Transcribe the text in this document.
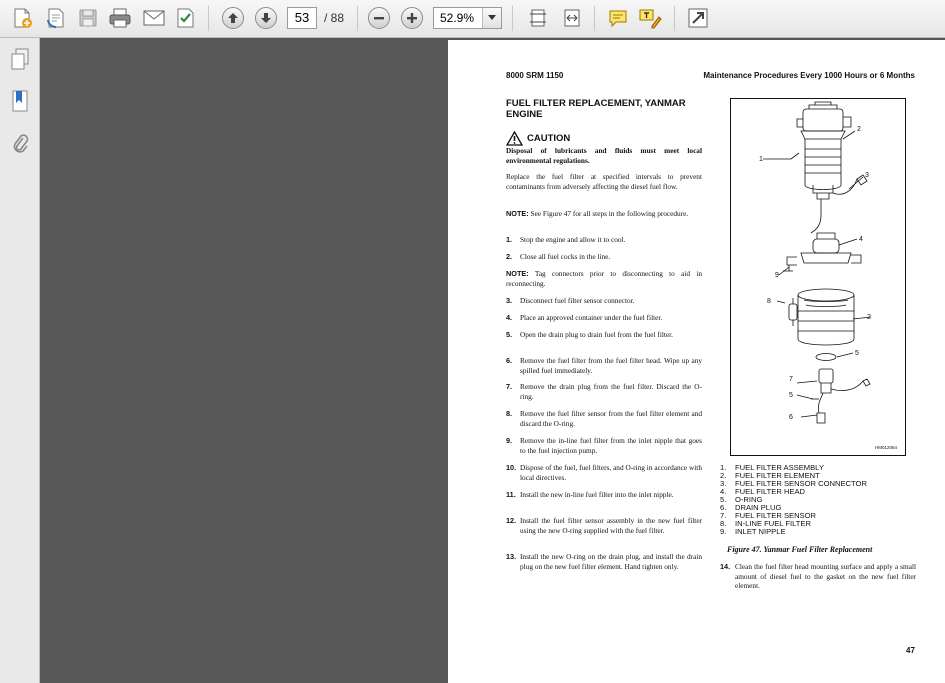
53	/ 88	52.9%
8000 SRM 1150	Maintenance Procedures Every 1000 Hours or 6 Months
FUEL FILTER REPLACEMENT, YANMAR ENGINE
CAUTION
Disposal of lubricants and fluids must meet local environmental regulations.
Replace the fuel filter at specified intervals to prevent contaminants from adversely affecting the diesel fuel flow.
NOTE: See Figure 47 for all steps in the following procedure.
1.	Stop the engine and allow it to cool.
2.	Close all fuel cocks in the line.
NOTE: Tag connectors prior to disconnecting to aid in reconnecting.
3.	Disconnect fuel filter sensor connector.
4.	Place an approved container under the fuel filter.
5.	Open the drain plug to drain fuel from the fuel filter.
6.	Remove the fuel filter from the fuel filter head. Wipe up any spilled fuel immediately.
7.	Remove the drain plug from the fuel filter. Discard the O-ring.
8.	Remove the fuel filter sensor from the fuel filter element and discard the O-ring.
9.	Remove the in-line fuel filter from the inlet nipple that goes to the fuel injection pump.
10. Dispose of the fuel, fuel filters, and O-ring in accordance with local directives.
11. Install the new in-line fuel filter into the inlet nipple.
12. Install the fuel filter sensor assembly in the new fuel filter using the new O-ring supplied with the fuel filter.
13. Install the new O-ring on the drain plug, and install the drain plug on the new fuel filter element. Hand tighten only.
2
1
3
4
9
8
2
5
7
5
6
HM012064
1.	FUEL FILTER ASSEMBLY
2.	FUEL FILTER ELEMENT
3.	FUEL FILTER SENSOR CONNECTOR
4.	FUEL FILTER HEAD
5.	O-RING
6.	DRAIN PLUG
7.	FUEL FILTER SENSOR
8.	IN-LINE FUEL FILTER
9.	INLET NIPPLE
Figure 47. Yanmar Fuel Filter Replacement
14. Clean the fuel filter head mounting surface and apply a small amount of diesel fuel to the gasket on the new fuel filter element.
47
